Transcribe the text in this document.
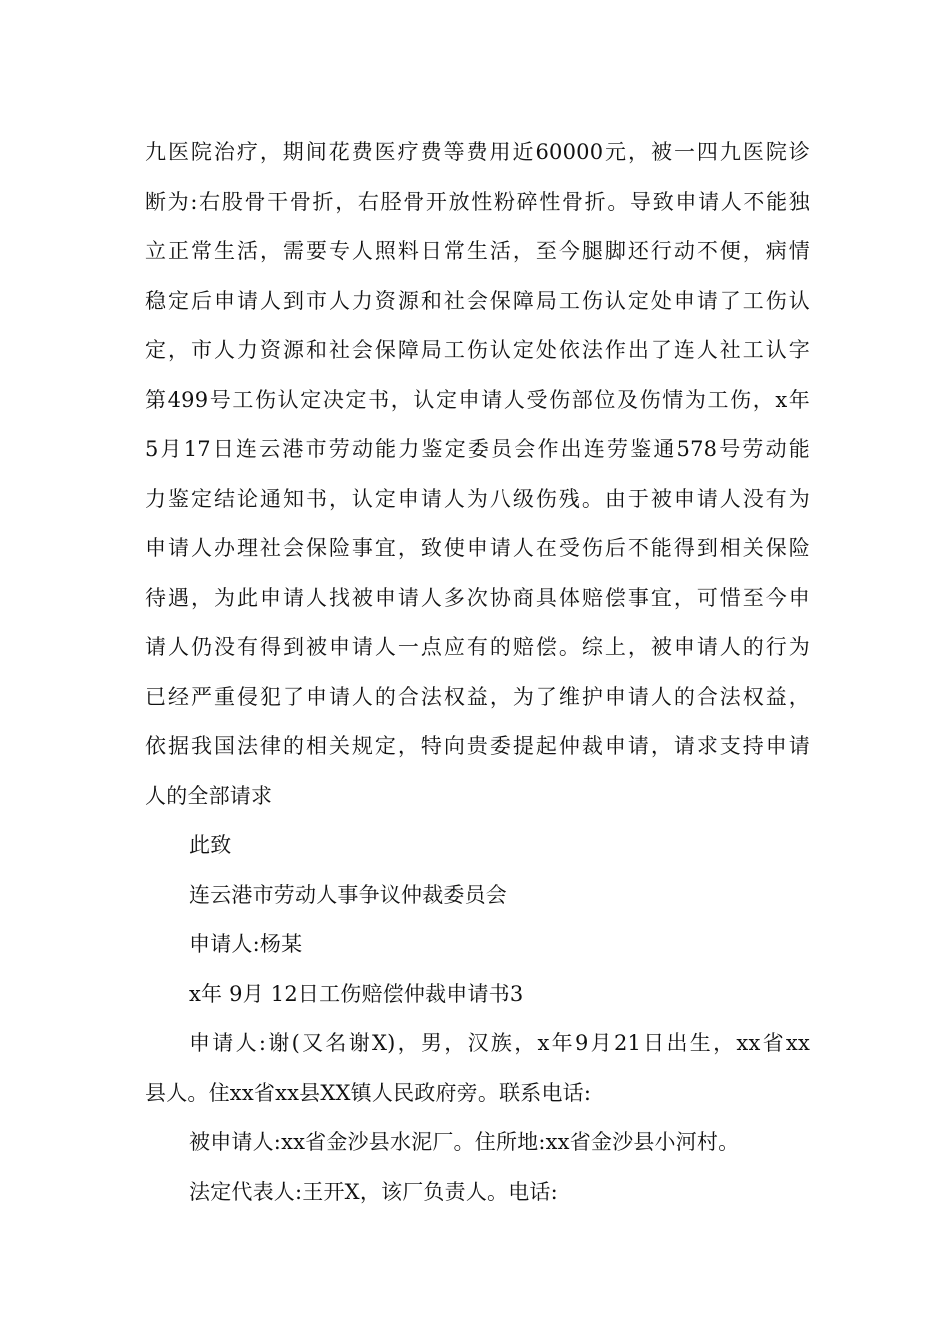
九医院治疗，期间花费医疗费等费用近60000元，被一四九医院诊
断为:右股骨干骨折，右胫骨开放性粉碎性骨折。导致申请人不能独
立正常生活，需要专人照料日常生活，至今腿脚还行动不便，病情
稳定后申请人到市人力资源和社会保障局工伤认定处申请了工伤认
定，市人力资源和社会保障局工伤认定处依法作出了连人社工认字
第499号工伤认定决定书，认定申请人受伤部位及伤情为工伤，x年
5月17日连云港市劳动能力鉴定委员会作出连劳鉴通578号劳动能
力鉴定结论通知书，认定申请人为八级伤残。由于被申请人没有为
申请人办理社会保险事宜，致使申请人在受伤后不能得到相关保险
待遇，为此申请人找被申请人多次协商具体赔偿事宜，可惜至今申
请人仍没有得到被申请人一点应有的赔偿。综上，被申请人的行为
已经严重侵犯了申请人的合法权益，为了维护申请人的合法权益，
依据我国法律的相关规定，特向贵委提起仲裁申请，请求支持申请
人的全部请求
此致
连云港市劳动人事争议仲裁委员会
申请人:杨某
x年 9月 12日工伤赔偿仲裁申请书3
申请人:谢(又名谢X)，男，汉族，x年9月21日出生，xx省xx
县人。住xx省xx县XX镇人民政府旁。联系电话:
被申请人:xx省金沙县水泥厂。住所地:xx省金沙县小河村。
法定代表人:王开X，该厂负责人。电话:
